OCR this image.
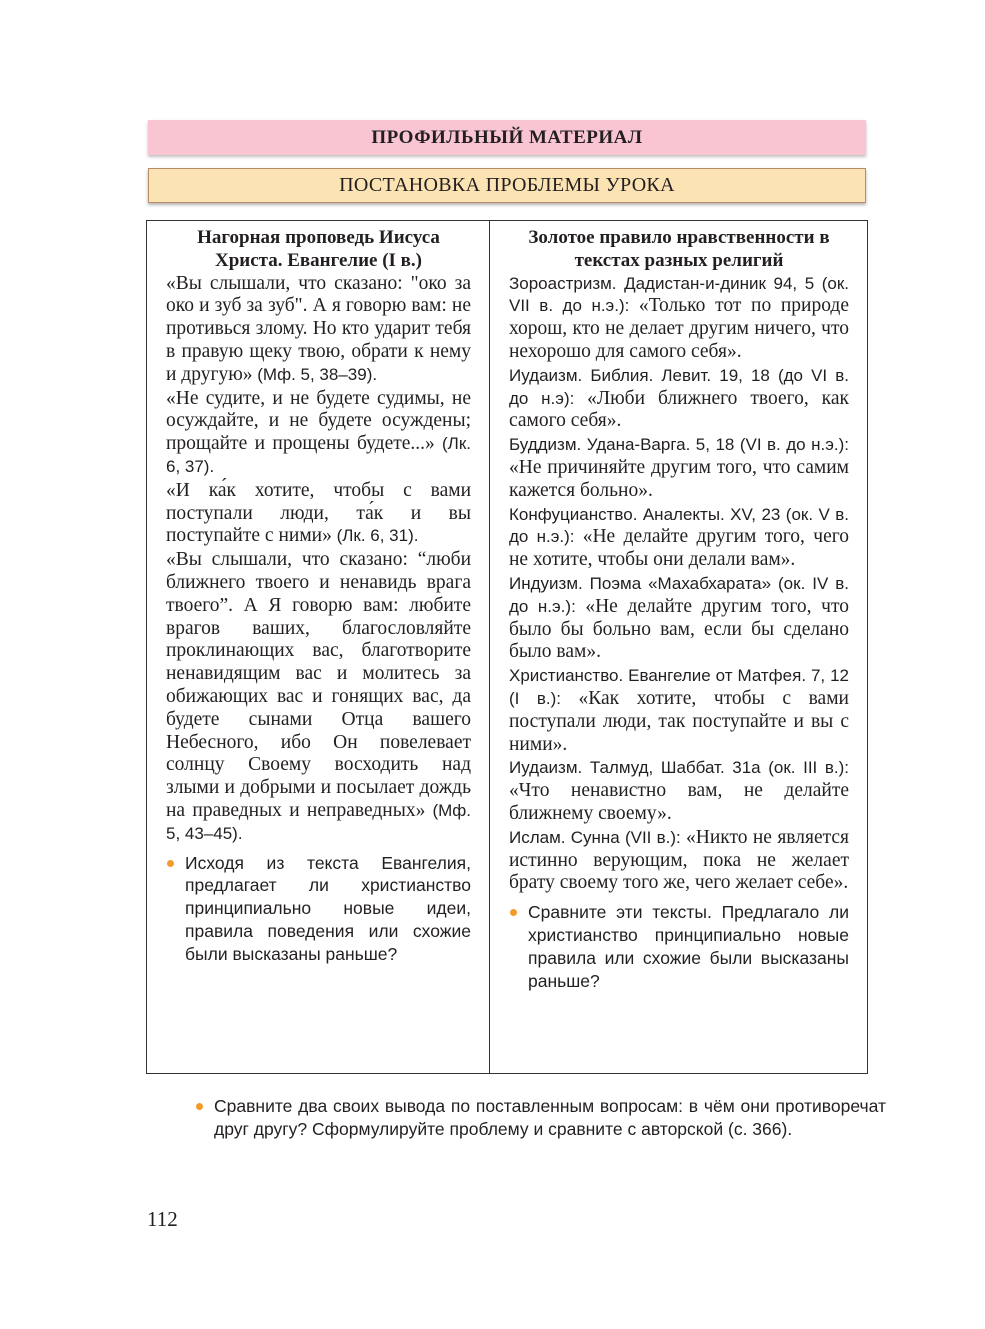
ПРОФИЛЬНЫЙ МАТЕРИАЛ
ПОСТАНОВКА ПРОБЛЕМЫ УРОКА
Нагорная проповедь Иисуса Христа. Евангелие (I в.)

«Вы слышали, что сказано: "око за око и зуб за зуб". А я говорю вам: не противься злому. Но кто ударит тебя в правую щеку твою, обрати к нему и другую» (Мф. 5, 38–39).

«Не судите, и не будете судимы, не осуждайте, и не будете осуждены; прощайте и прощены будете...» (Лк. 6, 37).

«И ка́к хотите, чтобы с вами поступали люди, та́к и вы поступайте с ними» (Лк. 6, 31).

«Вы слышали, что сказано: “люби ближнего твоего и ненавидь врага твоего”. А Я говорю вам: любите врагов ваших, благословляйте проклинающих вас, благотворите ненавидящим вас и молитесь за обижающих вас и гонящих вас, да будете сынами Отца вашего Небесного, ибо Он повелевает солнцу Своему восходить над злыми и добрыми и посылает дождь на праведных и неправедных» (Мф. 5, 43–45).

Исходя из текста Евангелия, предлагает ли христианство принципиально новые идеи, правила поведения или схожие были высказаны раньше?
Золотое правило нравственности в текстах разных религий

Зороастризм. Дадистан-и-диник 94, 5 (ок. VII в. до н.э.): «Только тот по природе хорош, кто не делает другим ничего, что нехорошо для самого себя».

Иудаизм. Библия. Левит. 19, 18 (до VI в. до н.э): «Люби ближнего твоего, как самого себя».

Буддизм. Удана-Варга. 5, 18 (VI в. до н.э.): «Не причиняйте другим того, что самим кажется больно».

Конфуцианство. Аналекты. XV, 23 (ок. V в. до н.э.): «Не делайте другим того, чего не хотите, чтобы они делали вам».

Индуизм. Поэма «Махабхарата» (ок. IV в. до н.э.): «Не делайте другим того, что было бы больно вам, если бы сделано было вам».

Христианство. Евангелие от Матфея. 7, 12 (I в.): «Как хотите, чтобы с вами поступали люди, так поступайте и вы с ними».

Иудаизм. Талмуд, Шаббат. 31а (ок. III в.): «Что ненавистно вам, не делайте ближнему своему».

Ислам. Сунна (VII в.): «Никто не является истинно верующим, пока не желает брату своему того же, чего желает себе».

Сравните эти тексты. Предлагало ли христианство принципиально новые правила или схожие были высказаны раньше?
Сравните два своих вывода по поставленным вопросам: в чём они противоречат друг другу? Сформулируйте проблему и сравните с авторской (с. 366).
112
